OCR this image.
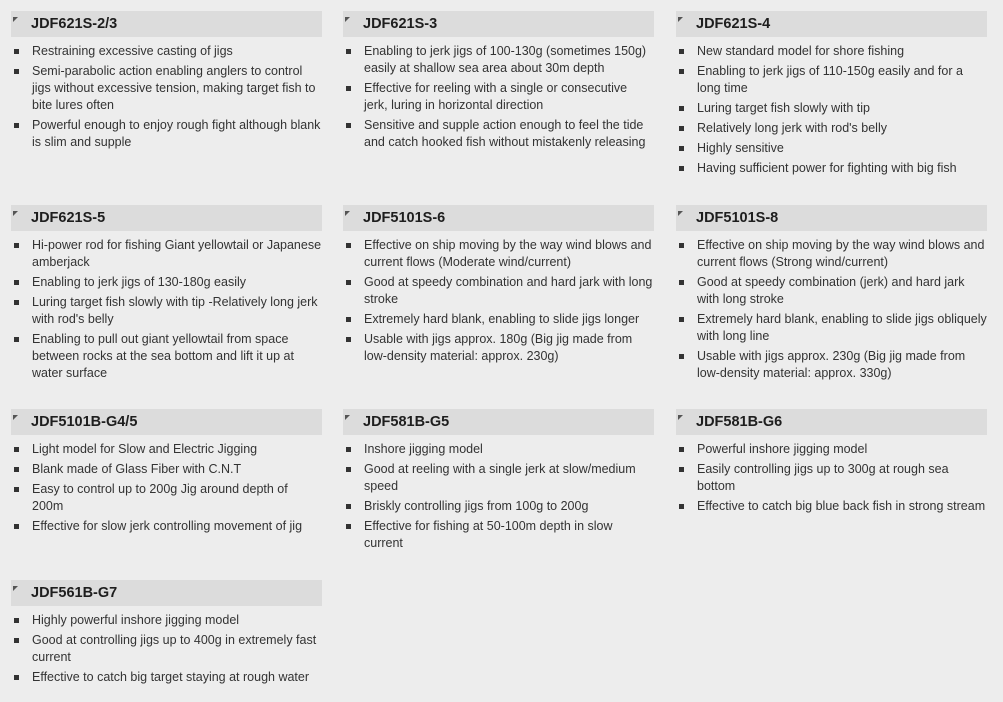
JDF621S-2/3
Restraining excessive casting of jigs
Semi-parabolic action enabling anglers to control jigs without excessive tension, making target fish to bite lures often
Powerful enough to enjoy rough fight although blank is slim and supple
JDF621S-3
Enabling to jerk jigs of 100-130g (sometimes 150g) easily at shallow sea area about 30m depth
Effective for reeling with a single or consecutive jerk, luring in horizontal direction
Sensitive and supple action enough to feel the tide and catch hooked fish without mistakenly releasing
JDF621S-4
New standard model for shore fishing
Enabling to jerk jigs of 110-150g easily and for a long time
Luring target fish slowly with tip
Relatively long jerk with rod's belly
Highly sensitive
Having sufficient power for fighting with big fish
JDF621S-5
Hi-power rod for fishing Giant yellowtail or Japanese amberjack
Enabling to jerk jigs of 130-180g easily
Luring target fish slowly with tip -Relatively long jerk with rod's belly
Enabling to pull out giant yellowtail from space between rocks at the sea bottom and lift it up at water surface
JDF5101S-6
Effective on ship moving by the way wind blows and current flows (Moderate wind/current)
Good at speedy combination and hard jark with long stroke
Extremely hard blank, enabling to slide jigs longer
Usable with jigs approx. 180g (Big jig made from low-density material: approx. 230g)
JDF5101S-8
Effective on ship moving by the way wind blows and current flows (Strong wind/current)
Good at speedy combination (jerk) and hard jark with long stroke
Extremely hard blank, enabling to slide jigs obliquely with long line
Usable with jigs approx. 230g (Big jig made from low-density material: approx. 330g)
JDF5101B-G4/5
Light model for Slow and Electric Jigging
Blank made of Glass Fiber with C.N.T
Easy to control up to 200g Jig around depth of 200m
Effective for slow jerk controlling movement of jig
JDF581B-G5
Inshore jigging model
Good at reeling with a single jerk at slow/medium speed
Briskly controlling jigs from 100g to 200g
Effective for fishing at 50-100m depth in slow current
JDF581B-G6
Powerful inshore jigging model
Easily controlling jigs up to 300g at rough sea bottom
Effective to catch big blue back fish in strong stream
JDF561B-G7
Highly powerful inshore jigging model
Good at controlling jigs up to 400g in extremely fast current
Effective to catch big target staying at rough water
